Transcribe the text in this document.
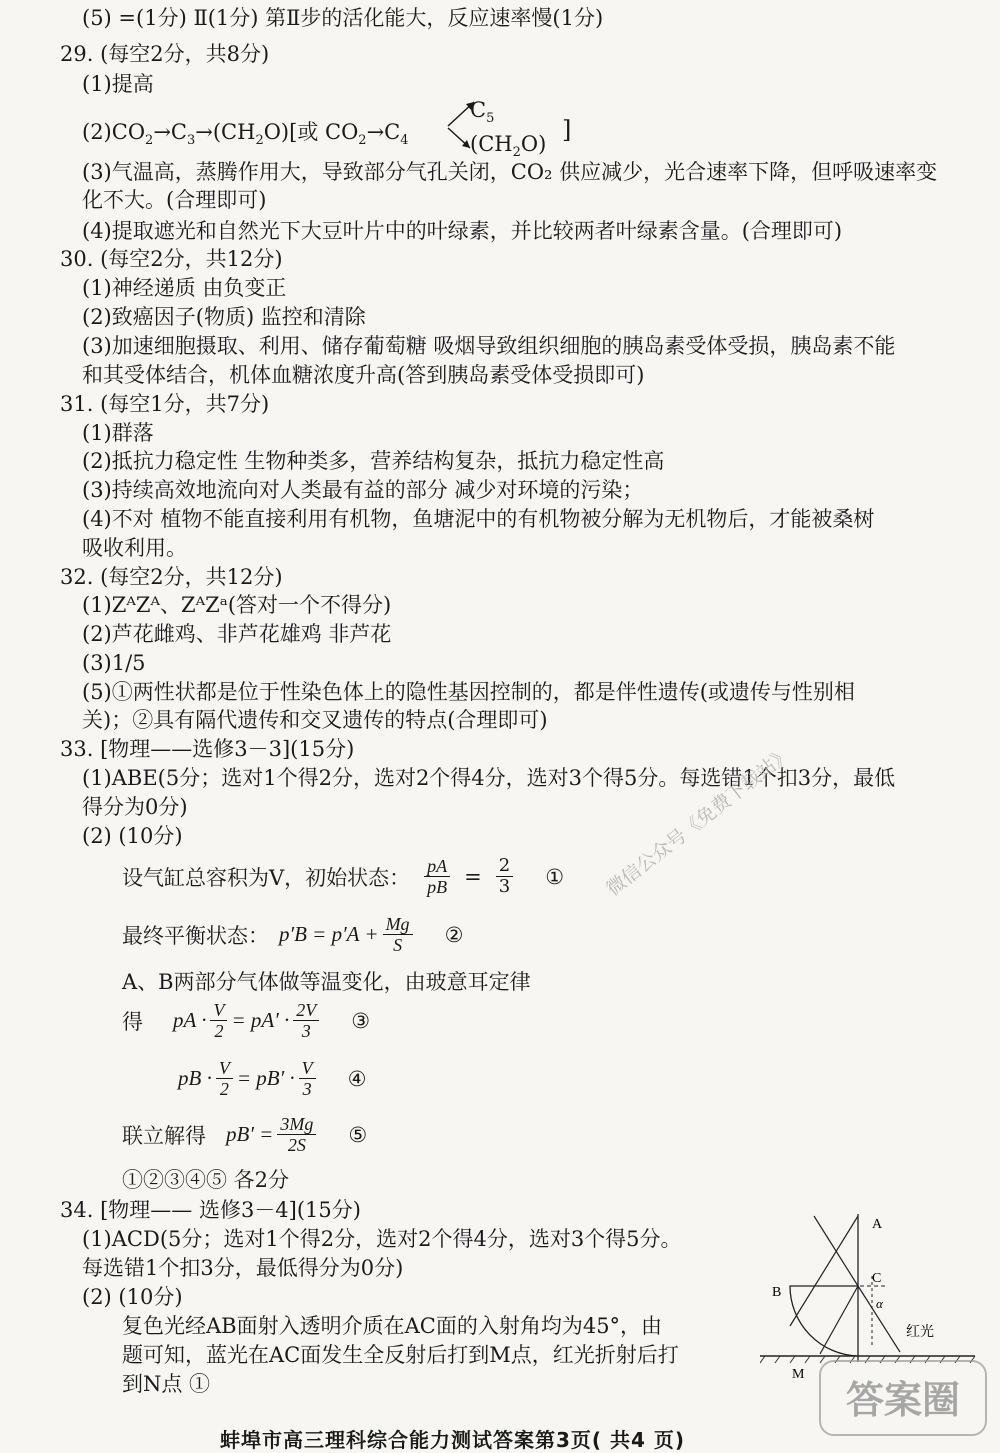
(5) =(1分) Ⅱ(1分) 第Ⅱ步的活化能大，反应速率慢(1分)
29. (每空2分，共8分)
(1)提高
$(2)CO_2\to C_3\to(CH_2O)$[或 $CO_2\to C_4$
$C_5$
$(CH_2O)$ ]
(3)气温高，蒸腾作用大，导致部分气孔关闭，CO₂ 供应减少，光合速率下降，但呼吸速率变
化不大。(合理即可)
(4)提取遮光和自然光下大豆叶片中的叶绿素，并比较两者叶绿素含量。(合理即可)
30. (每空2分，共12分)
(1)神经递质 由负变正
(2)致癌因子(物质) 监控和清除
(3)加速细胞摄取、利用、储存葡萄糖 吸烟导致组织细胞的胰岛素受体受损，胰岛素不能
和其受体结合，机体血糖浓度升高(答到胰岛素受体受损即可)
31. (每空1分，共7分)
(1)群落
(2)抵抗力稳定性 生物种类多，营养结构复杂，抵抗力稳定性高
(3)持续高效地流向对人类最有益的部分 减少对环境的污染；
(4)不对 植物不能直接利用有机物，鱼塘泥中的有机物被分解为无机物后，才能被桑树
吸收利用。
32. (每空2分，共12分)
(1)ZᴬZᴬ、ZᴬZᵃ(答对一个不得分)
(2)芦花雌鸡、非芦花雄鸡 非芦花
(3)1/5
(5)①两性状都是位于性染色体上的隐性基因控制的，都是伴性遗传(或遗传与性别相
关)；②具有隔代遗传和交叉遗传的特点(合理即可)
33. [物理——选修3－3](15分)
(1)ABE(5分；选对1个得2分，选对2个得4分，选对3个得5分。每选错1个扣3分，最低
得分为0分)
(2) (10分)
设气缸总容积为V，初始状态： $\frac{pA}{pB} = \frac{2}{3}$ ①
最终平衡状态： $p'B = p'A + \frac{Mg}{S}$ ②
A、B两部分气体做等温变化，由玻意耳定律
得 pA · $\frac{V}{2} = pA' \cdot \frac{2V}{3}$ ③
pB · $\frac{V}{2} = pB' \cdot \frac{V}{3}$ ④
联立解得 $pB' = \frac{3Mg}{2S}$ ⑤
①②③④⑤ 各2分
34. [物理—— 选修3－4](15分)
(1)ACD(5分；选对1个得2分，选对2个得4分，选对3个得5分。
每选错1个扣3分，最低得分为0分)
(2) (10分)
复色光经AB面射入透明介质在AC面的入射角均为45°，由
题可知，蓝光在AC面发生全反射后打到M点，红光折射后打
到N点 ①
A
B
C
M
α
红光
微信公众号《免费下载站》
答案圈
蚌埠市高三理科综合能力测试答案第3页( 共4 页)
